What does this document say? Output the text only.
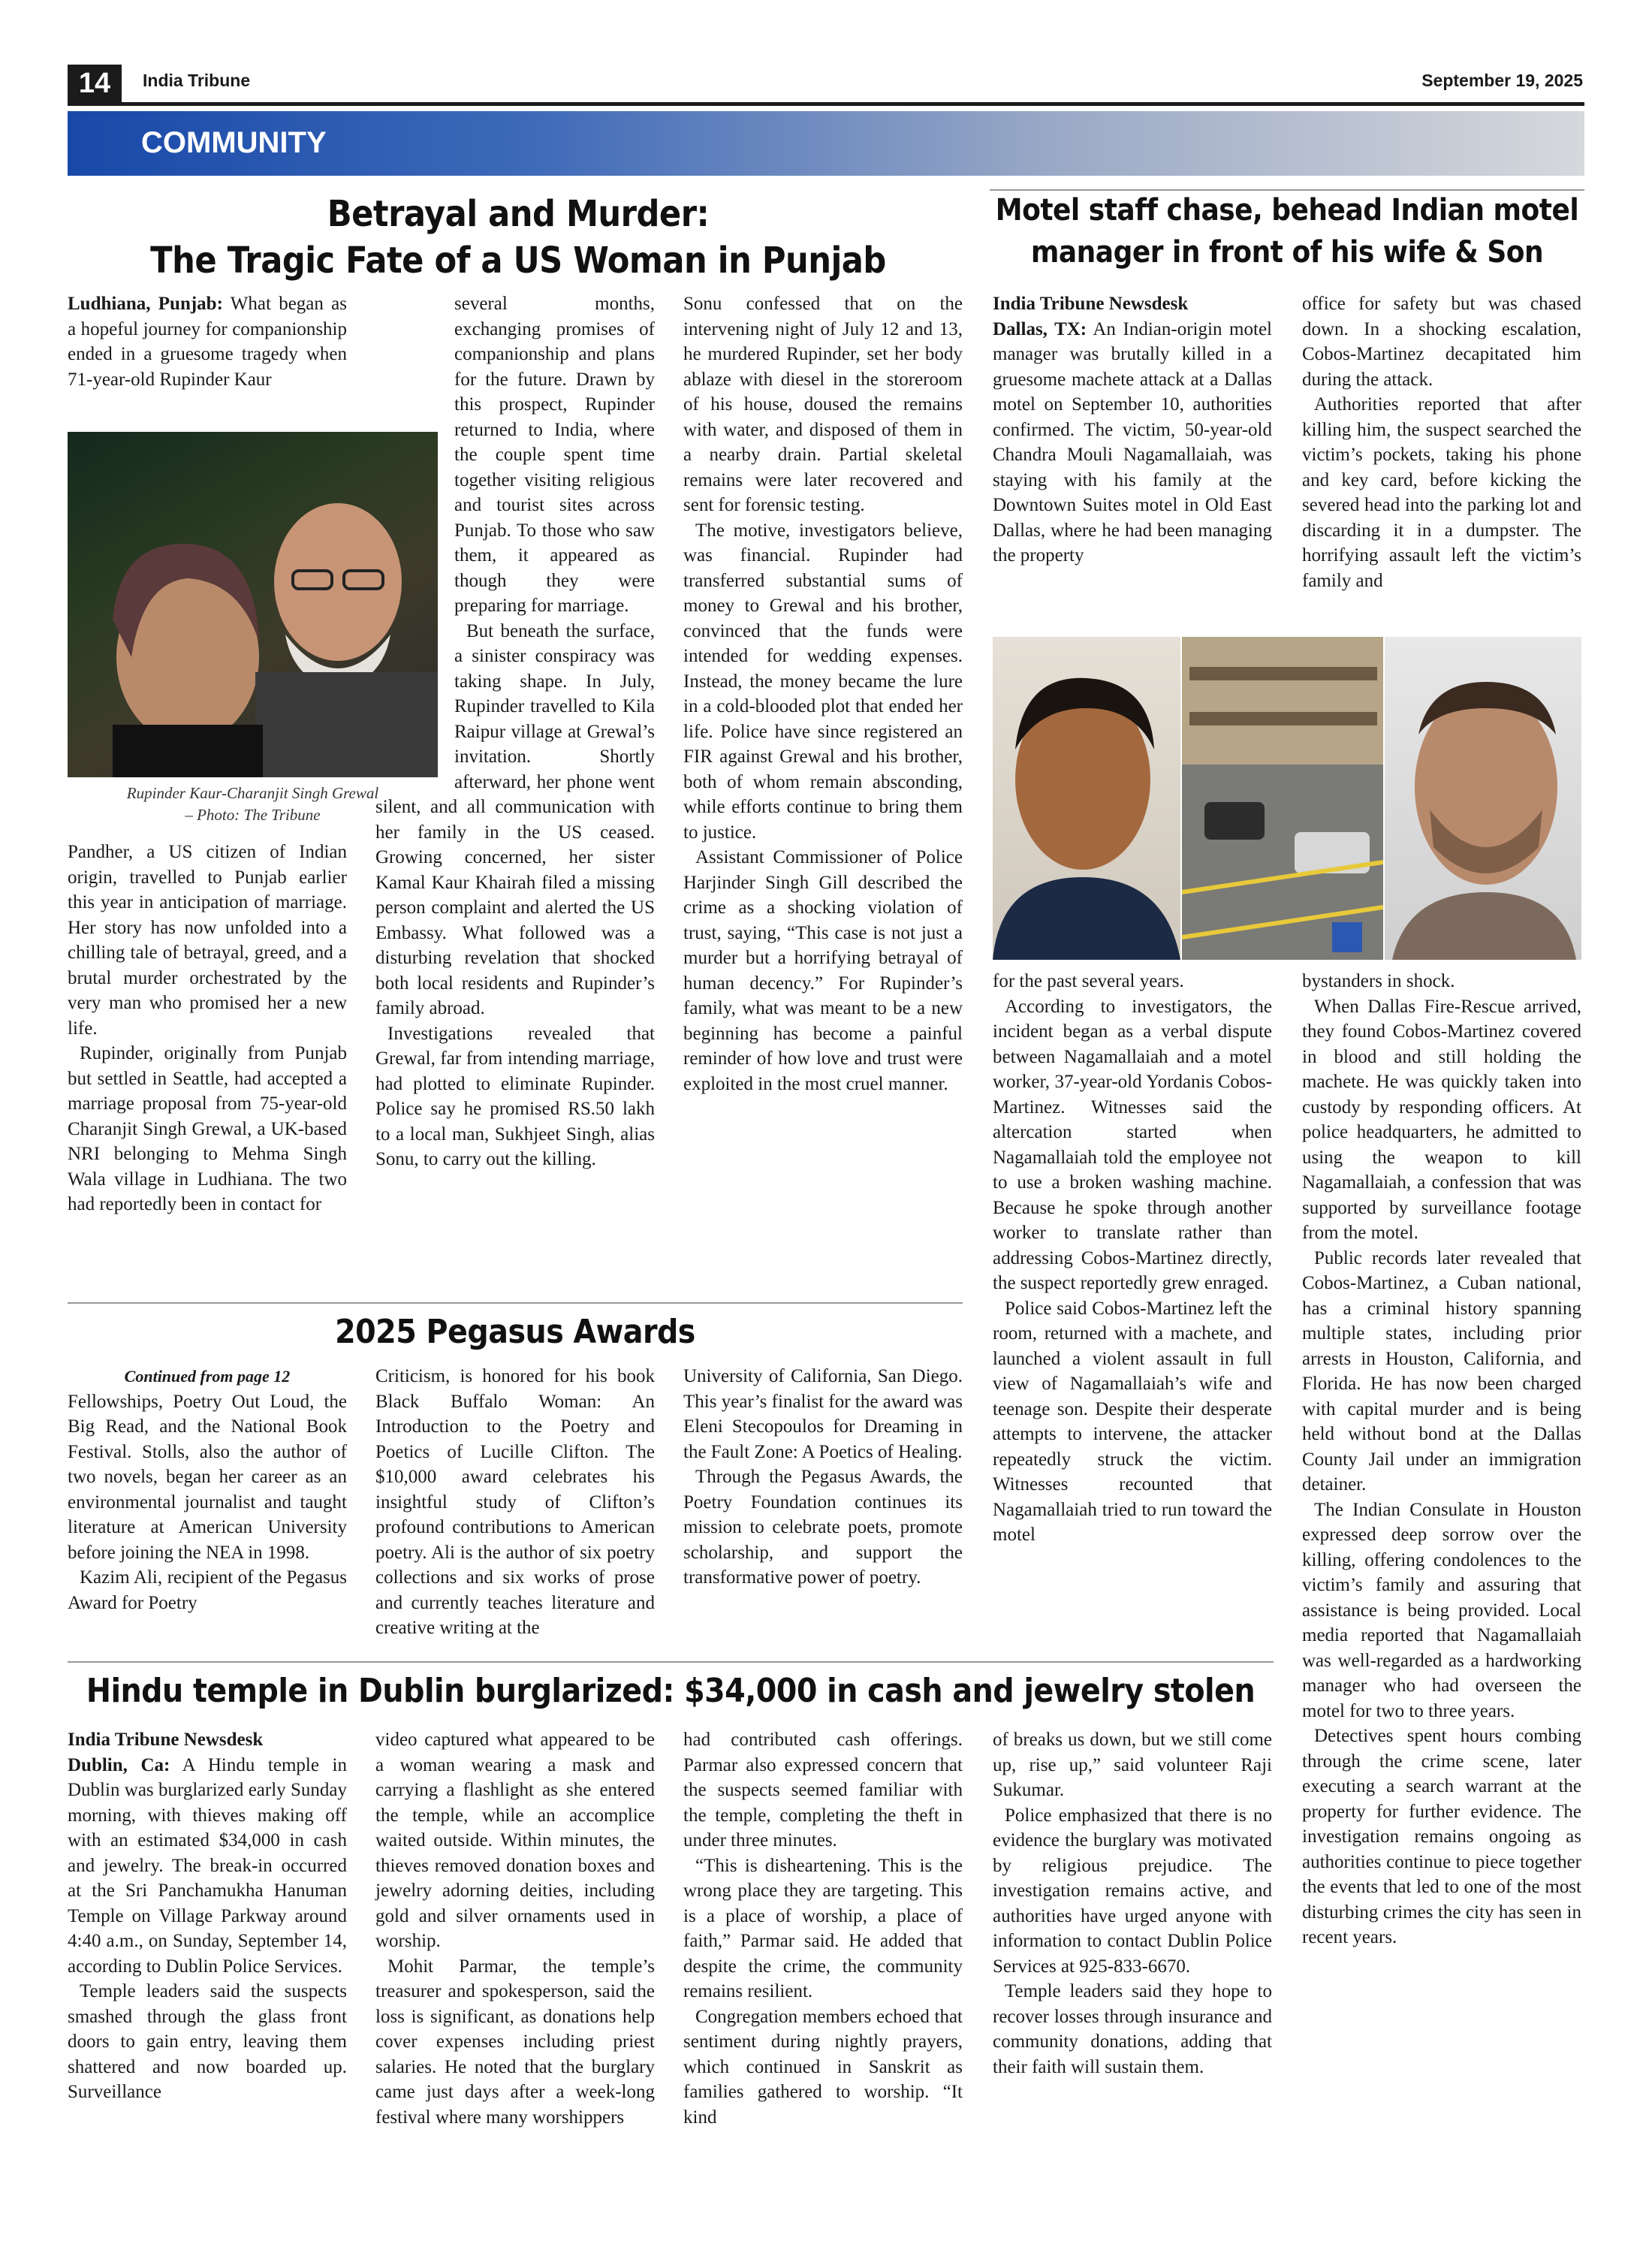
14	India Tribune	September 19, 2025
COMMUNITY
Betrayal and Murder:
The Tragic Fate of a US Woman in Punjab

Ludhiana, Punjab: What began as a hopeful journey for companionship ended in a gruesome tragedy when 71-year-old Rupinder Kaur

Rupinder Kaur-Charanjit Singh Grewal
– Photo: The Tribune

Pandher, a US citizen of Indian origin, travelled to Punjab earlier this year in anticipation of marriage. Her story has now unfolded into a chilling tale of betrayal, greed, and a brutal murder orchestrated by the very man who promised her a new life.

Rupinder, originally from Punjab but settled in Seattle, had accepted a marriage proposal from 75-year-old Charanjit Singh Grewal, a UK-based NRI belonging to Mehma Singh Wala village in Ludhiana. The two had reportedly been in contact for

several months, exchanging promises of companionship and plans for the future. Drawn by this prospect, Rupinder returned to India, where the couple spent time together visiting religious and tourist sites across Punjab. To those who saw them, it appeared as though they were preparing for marriage.

But beneath the surface, a sinister conspiracy was taking shape. In July, Rupinder travelled to Kila Raipur village at Grewal’s invitation. Shortly afterward, her phone went silent, and all communication with her family in the US ceased. Growing concerned, her sister Kamal Kaur Khairah filed a missing person complaint and alerted the US Embassy. What followed was a disturbing revelation that shocked both local residents and Rupinder’s family abroad.

Investigations revealed that Grewal, far from intending marriage, had plotted to eliminate Rupinder. Police say he promised RS.50 lakh to a local man, Sukhjeet Singh, alias Sonu, to carry out the killing.

Sonu confessed that on the intervening night of July 12 and 13, he murdered Rupinder, set her body ablaze with diesel in the storeroom of his house, doused the remains with water, and disposed of them in a nearby drain. Partial skeletal remains were later recovered and sent for forensic testing.

The motive, investigators believe, was financial. Rupinder had transferred substantial sums of money to Grewal and his brother, convinced that the funds were intended for wedding expenses. Instead, the money became the lure in a cold-blooded plot that ended her life. Police have since registered an FIR against Grewal and his brother, both of whom remain absconding, while efforts continue to bring them to justice.

Assistant Commissioner of Police Harjinder Singh Gill described the crime as a shocking violation of trust, saying, “This case is not just a murder but a horrifying betrayal of human decency.” For Rupinder’s family, what was meant to be a new beginning has become a painful reminder of how love and trust were exploited in the most cruel manner.

2025 Pegasus Awards

Continued from page 12

Fellowships, Poetry Out Loud, the Big Read, and the National Book Festival. Stolls, also the author of two novels, began her career as an environmental journalist and taught literature at American University before joining the NEA in 1998.

Kazim Ali, recipient of the Pegasus Award for Poetry

Criticism, is honored for his book Black Buffalo Woman: An Introduction to the Poetry and Poetics of Lucille Clifton. The $10,000 award celebrates his insightful study of Clifton’s profound contributions to American poetry. Ali is the author of six poetry collections and six works of prose and currently teaches literature and creative writing at the

University of California, San Diego. This year’s finalist for the award was Eleni Stecopoulos for Dreaming in the Fault Zone: A Poetics of Healing.

Through the Pegasus Awards, the Poetry Foundation continues its mission to celebrate poets, promote scholarship, and support the transformative power of poetry.

Motel staff chase, behead Indian motel
manager in front of his wife & Son

India Tribune Newsdesk

Dallas, TX: An Indian-origin motel manager was brutally killed in a gruesome machete attack at a Dallas motel on September 10, authorities confirmed. The victim, 50-year-old Chandra Mouli Nagamallaiah, was staying with his family at the Downtown Suites motel in Old East Dallas, where he had been managing the property

office for safety but was chased down. In a shocking escalation, Cobos-Martinez decapitated him during the attack.

Authorities reported that after killing him, the suspect searched the victim’s pockets, taking his phone and key card, before kicking the severed head into the parking lot and discarding it in a dumpster. The horrifying assault left the victim’s family and

for the past several years.

According to investigators, the incident began as a verbal dispute between Nagamallaiah and a motel worker, 37-year-old Yordanis Cobos-Martinez. Witnesses said the altercation started when Nagamallaiah told the employee not to use a broken washing machine. Because he spoke through another worker to translate rather than addressing Cobos-Martinez directly, the suspect reportedly grew enraged.

Police said Cobos-Martinez left the room, returned with a machete, and launched a violent assault in full view of Nagamallaiah’s wife and teenage son. Despite their desperate attempts to intervene, the attacker repeatedly struck the victim. Witnesses recounted that Nagamallaiah tried to run toward the motel

bystanders in shock.

When Dallas Fire-Rescue arrived, they found Cobos-Martinez covered in blood and still holding the machete. He was quickly taken into custody by responding officers. At police headquarters, he admitted to using the weapon to kill Nagamallaiah, a confession that was supported by surveillance footage from the motel.

Public records later revealed that Cobos-Martinez, a Cuban national, has a criminal history spanning multiple states, including prior arrests in Houston, California, and Florida. He has now been charged with capital murder and is being held without bond at the Dallas County Jail under an immigration detainer.

The Indian Consulate in Houston expressed deep sorrow over the killing, offering condolences to the victim’s family and assuring that assistance is being provided. Local media reported that Nagamallaiah was well-regarded as a hardworking manager who had overseen the motel for two to three years.

Detectives spent hours combing through the crime scene, later executing a search warrant at the property for further evidence. The investigation remains ongoing as authorities continue to piece together the events that led to one of the most disturbing crimes the city has seen in recent years.

Hindu temple in Dublin burglarized: $34,000 in cash and jewelry stolen

India Tribune Newsdesk

Dublin, Ca: A Hindu temple in Dublin was burglarized early Sunday morning, with thieves making off with an estimated $34,000 in cash and jewelry. The break-in occurred at the Sri Panchamukha Hanuman Temple on Village Parkway around 4:40 a.m., on Sunday, September 14, according to Dublin Police Services.

Temple leaders said the suspects smashed through the glass front doors to gain entry, leaving them shattered and now boarded up. Surveillance

video captured what appeared to be a woman wearing a mask and carrying a flashlight as she entered the temple, while an accomplice waited outside. Within minutes, the thieves removed donation boxes and jewelry adorning deities, including gold and silver ornaments used in worship.

Mohit Parmar, the temple’s treasurer and spokesperson, said the loss is significant, as donations help cover expenses including priest salaries. He noted that the burglary came just days after a week-long festival where many worshippers

had contributed cash offerings. Parmar also expressed concern that the suspects seemed familiar with the temple, completing the theft in under three minutes.

“This is disheartening. This is the wrong place they are targeting. This is a place of worship, a place of faith,” Parmar said. He added that despite the crime, the community remains resilient.

Congregation members echoed that sentiment during nightly prayers, which continued in Sanskrit as families gathered to worship. “It kind

of breaks us down, but we still come up, rise up,” said volunteer Raji Sukumar.

Police emphasized that there is no evidence the burglary was motivated by religious prejudice. The investigation remains active, and authorities have urged anyone with information to contact Dublin Police Services at 925-833-6670.

Temple leaders said they hope to recover losses through insurance and community donations, adding that their faith will sustain them.
